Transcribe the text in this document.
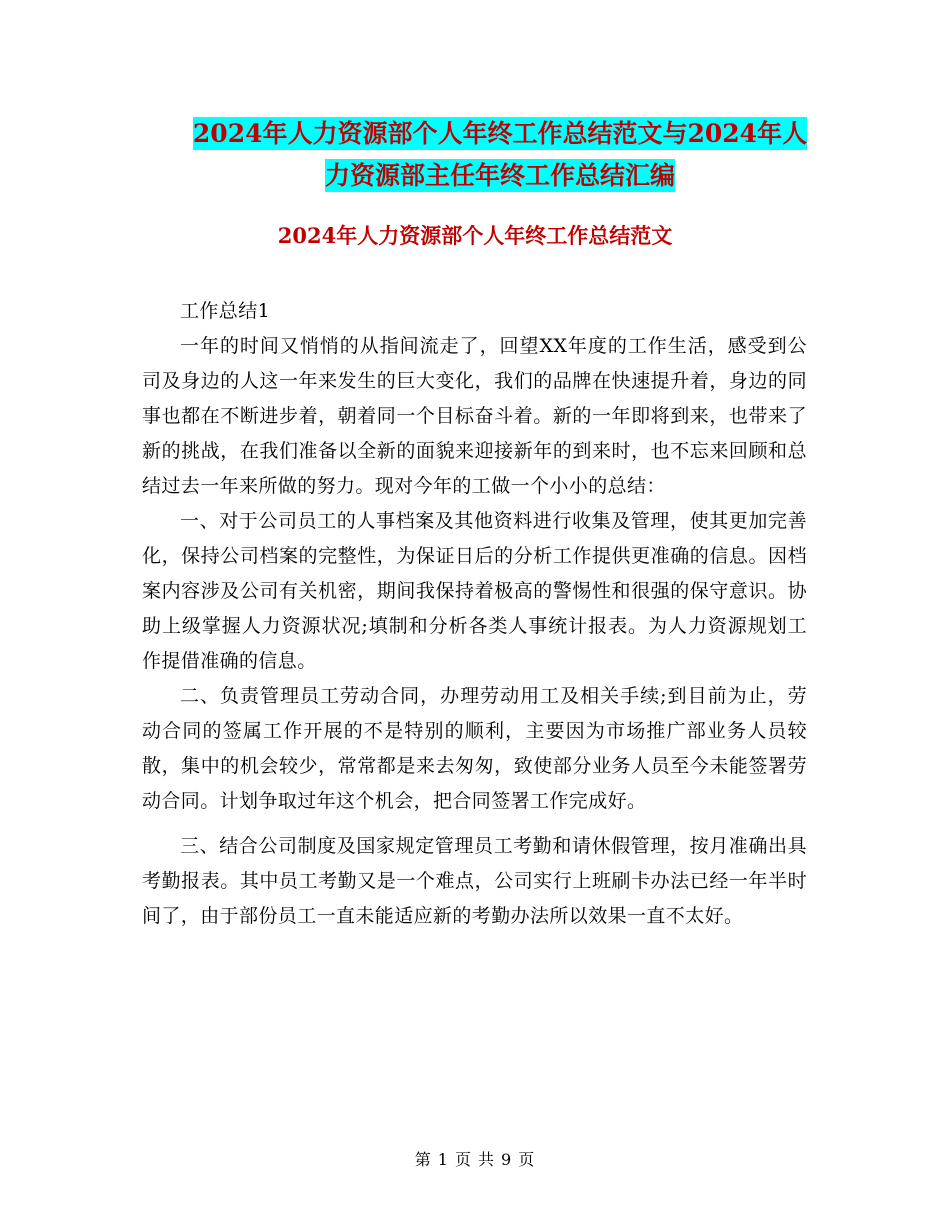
2024年人力资源部个人年终工作总结范文与2024年人
力资源部主任年终工作总结汇编
2024年人力资源部个人年终工作总结范文

工作总结1

一年的时间又悄悄的从指间流走了，回望XX年度的工作生活，感受到公司及身边的人这一年来发生的巨大变化，我们的品牌在快速提升着，身边的同事也都在不断进步着，朝着同一个目标奋斗着。新的一年即将到来，也带来了新的挑战，在我们准备以全新的面貌来迎接新年的到来时，也不忘来回顾和总结过去一年来所做的努力。现对今年的工做一个小小的总结：

一、对于公司员工的人事档案及其他资料进行收集及管理，使其更加完善化，保持公司档案的完整性，为保证日后的分析工作提供更准确的信息。因档案内容涉及公司有关机密，期间我保持着极高的警惕性和很强的保守意识。协助上级掌握人力资源状况;填制和分析各类人事统计报表。为人力资源规划工作提借准确的信息。

二、负责管理员工劳动合同，办理劳动用工及相关手续;到目前为止，劳动合同的签属工作开展的不是特别的顺利，主要因为市场推广部业务人员较散，集中的机会较少，常常都是来去匆匆，致使部分业务人员至今未能签署劳动合同。计划争取过年这个机会，把合同签署工作完成好。

三、结合公司制度及国家规定管理员工考勤和请休假管理，按月准确出具考勤报表。其中员工考勤又是一个难点，公司实行上班刷卡办法已经一年半时间了，由于部份员工一直未能适应新的考勤办法所以效果一直不太好。

第 1 页 共 9 页
